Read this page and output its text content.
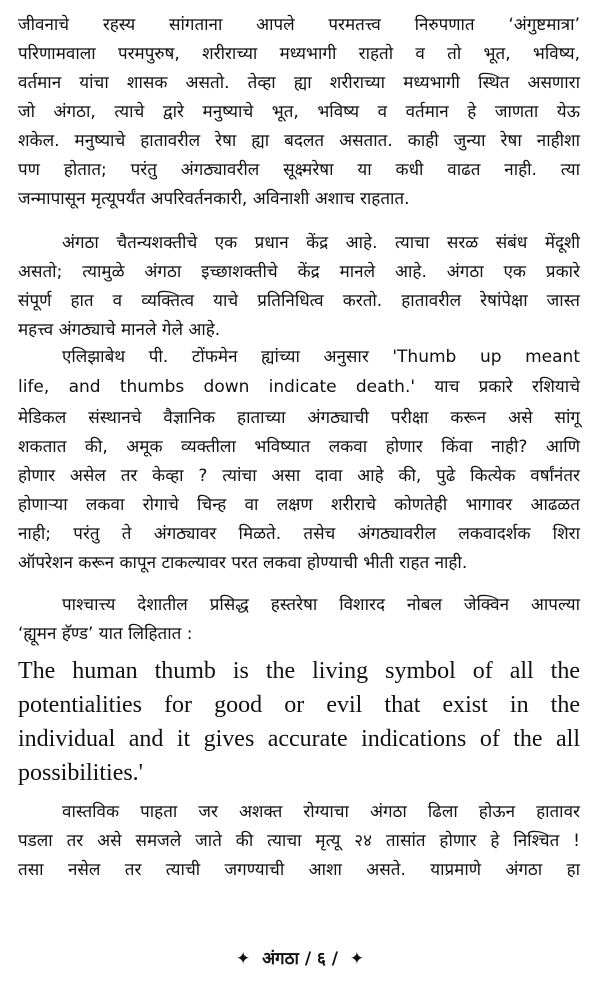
जीवनाचे रहस्य सांगताना आपले परमतत्त्व निरुपणात ‘अंगुष्टमात्रा’
परिणामवाला परमपुरुष, शरीराच्या मध्यभागी राहतो व तो भूत, भविष्य,
वर्तमान यांचा शासक असतो. तेव्हा ह्या शरीराच्या मध्यभागी स्थित असणारा
जो अंगठा, त्याचे द्वारे मनुष्याचे भूत, भविष्य व वर्तमान हे जाणता येऊ
शकेल. मनुष्याचे हातावरील रेषा ह्या बदलत असतात. काही जुन्या रेषा नाहीशा
पण होतात; परंतु अंगठ्यावरील सूक्ष्मरेषा या कधी वाढत नाही. त्या
जन्मापासून मृत्यूपर्यंत अपरिवर्तनकारी, अविनाशी अशाच राहतात.
अंगठा चैतन्यशक्तीचे एक प्रधान केंद्र आहे. त्याचा सरळ संबंध मेंदूशी
असतो; त्यामुळे अंगठा इच्छाशक्तीचे केंद्र मानले आहे. अंगठा एक प्रकारे
संपूर्ण हात व व्यक्तित्व याचे प्रतिनिधित्व करतो. हातावरील रेषांपेक्षा जास्त
महत्त्व अंगठ्याचे मानले गेले आहे.
एलिझाबेथ पी. टोंफमेन ह्यांच्या अनुसार 'Thumb up meant
life, and thumbs down indicate death.' याच प्रकारे रशियाचे
मेडिकल संस्थानचे वैज्ञानिक हाताच्या अंगठ्याची परीक्षा करून असे सांगू
शकतात की, अमूक व्यक्तीला भविष्यात लकवा होणार किंवा नाही? आणि
होणार असेल तर केव्हा ? त्यांचा असा दावा आहे की, पुढे कित्येक वर्षांनंतर
होणाऱ्या लकवा रोगाचे चिन्ह वा लक्षण शरीराचे कोणतेही भागावर आढळत
नाही; परंतु ते अंगठ्यावर मिळते. तसेच अंगठ्यावरील लकवादर्शक शिरा
ऑपरेशन करून कापून टाकल्यावर परत लकवा होण्याची भीती राहत नाही.
पाश्चात्त्य देशातील प्रसिद्ध हस्तरेषा विशारद नोबल जेक्विन आपल्या
‘ह्यूमन हॅण्ड’ यात लिहितात :
The human thumb is the living symbol of all the
potentialities for good or evil that exist in the
individual and it gives accurate indications of the all
possibilities.'
वास्तविक पाहता जर अशक्त रोग्याचा अंगठा ढिला होऊन हातावर
पडला तर असे समजले जाते की त्याचा मृत्यू २४ तासांत होणार हे निश्चित !
तसा नसेल तर त्याची जगण्याची आशा असते. याप्रमाणे अंगठा हा
✦ अंगठा / ६ / ✦
